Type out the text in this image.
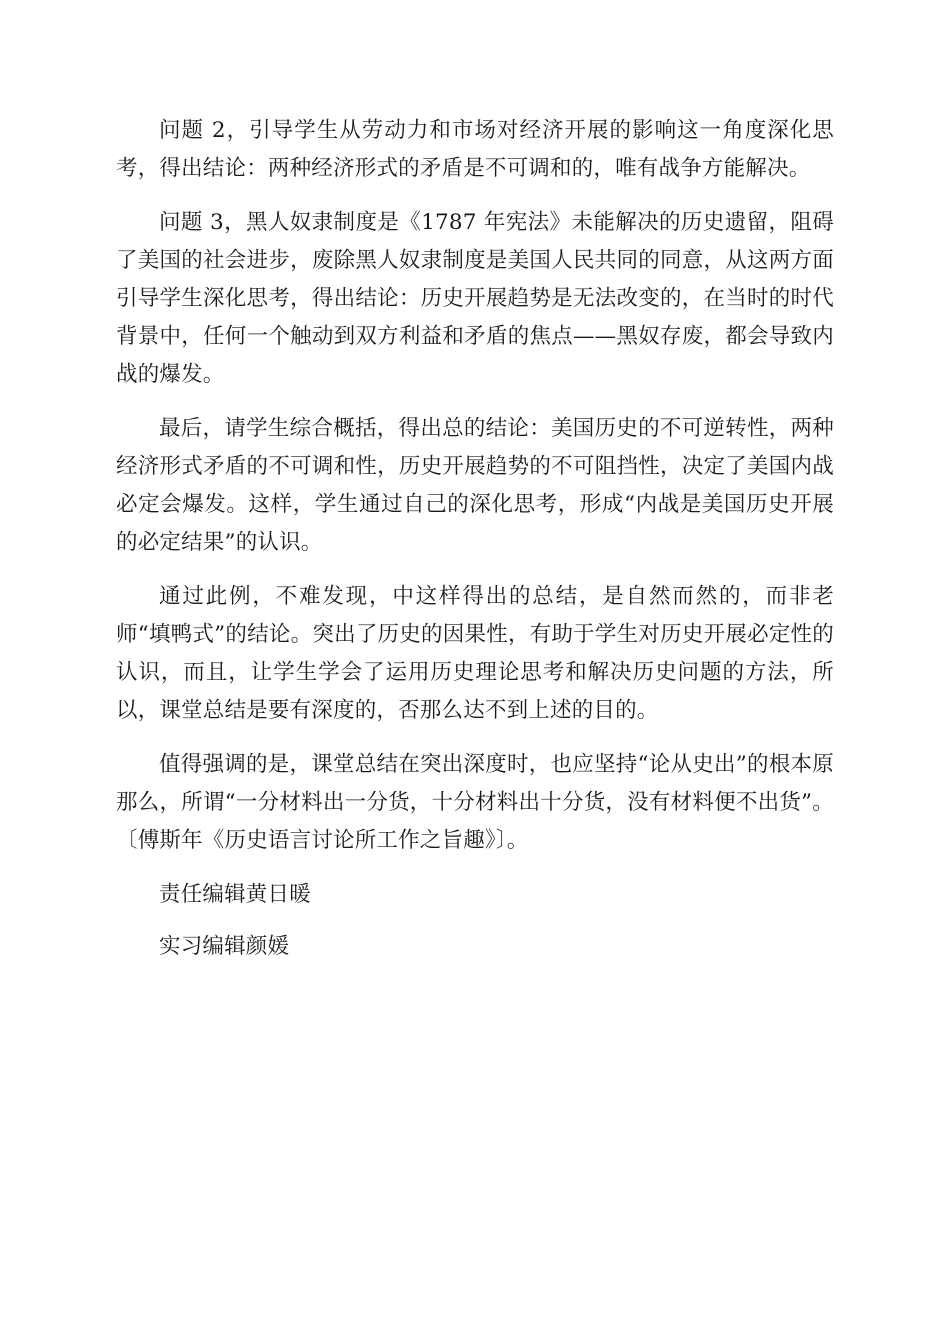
问题 2，引导学生从劳动力和市场对经济开展的影响这一角度深化思考，得出结论：两种经济形式的矛盾是不可调和的，唯有战争方能解决。

问题 3，黑人奴隶制度是《1787 年宪法》未能解决的历史遗留，阻碍了美国的社会进步，废除黑人奴隶制度是美国人民共同的同意，从这两方面引导学生深化思考，得出结论：历史开展趋势是无法改变的，在当时的时代背景中，任何一个触动到双方利益和矛盾的焦点——黑奴存废，都会导致内战的爆发。

最后，请学生综合概括，得出总的结论：美国历史的不可逆转性，两种经济形式矛盾的不可调和性，历史开展趋势的不可阻挡性，决定了美国内战必定会爆发。这样，学生通过自己的深化思考，形成“内战是美国历史开展的必定结果”的认识。

通过此例，不难发现，中这样得出的总结，是自然而然的，而非老师“填鸭式”的结论。突出了历史的因果性，有助于学生对历史开展必定性的认识，而且，让学生学会了运用历史理论思考和解决历史问题的方法，所以，课堂总结是要有深度的，否那么达不到上述的目的。

值得强调的是，课堂总结在突出深度时，也应坚持“论从史出”的根本原那么，所谓“一分材料出一分货，十分材料出十分货，没有材料便不出货”。〔傅斯年《历史语言讨论所工作之旨趣》〕。

责任编辑黄日暖

实习编辑颜媛
